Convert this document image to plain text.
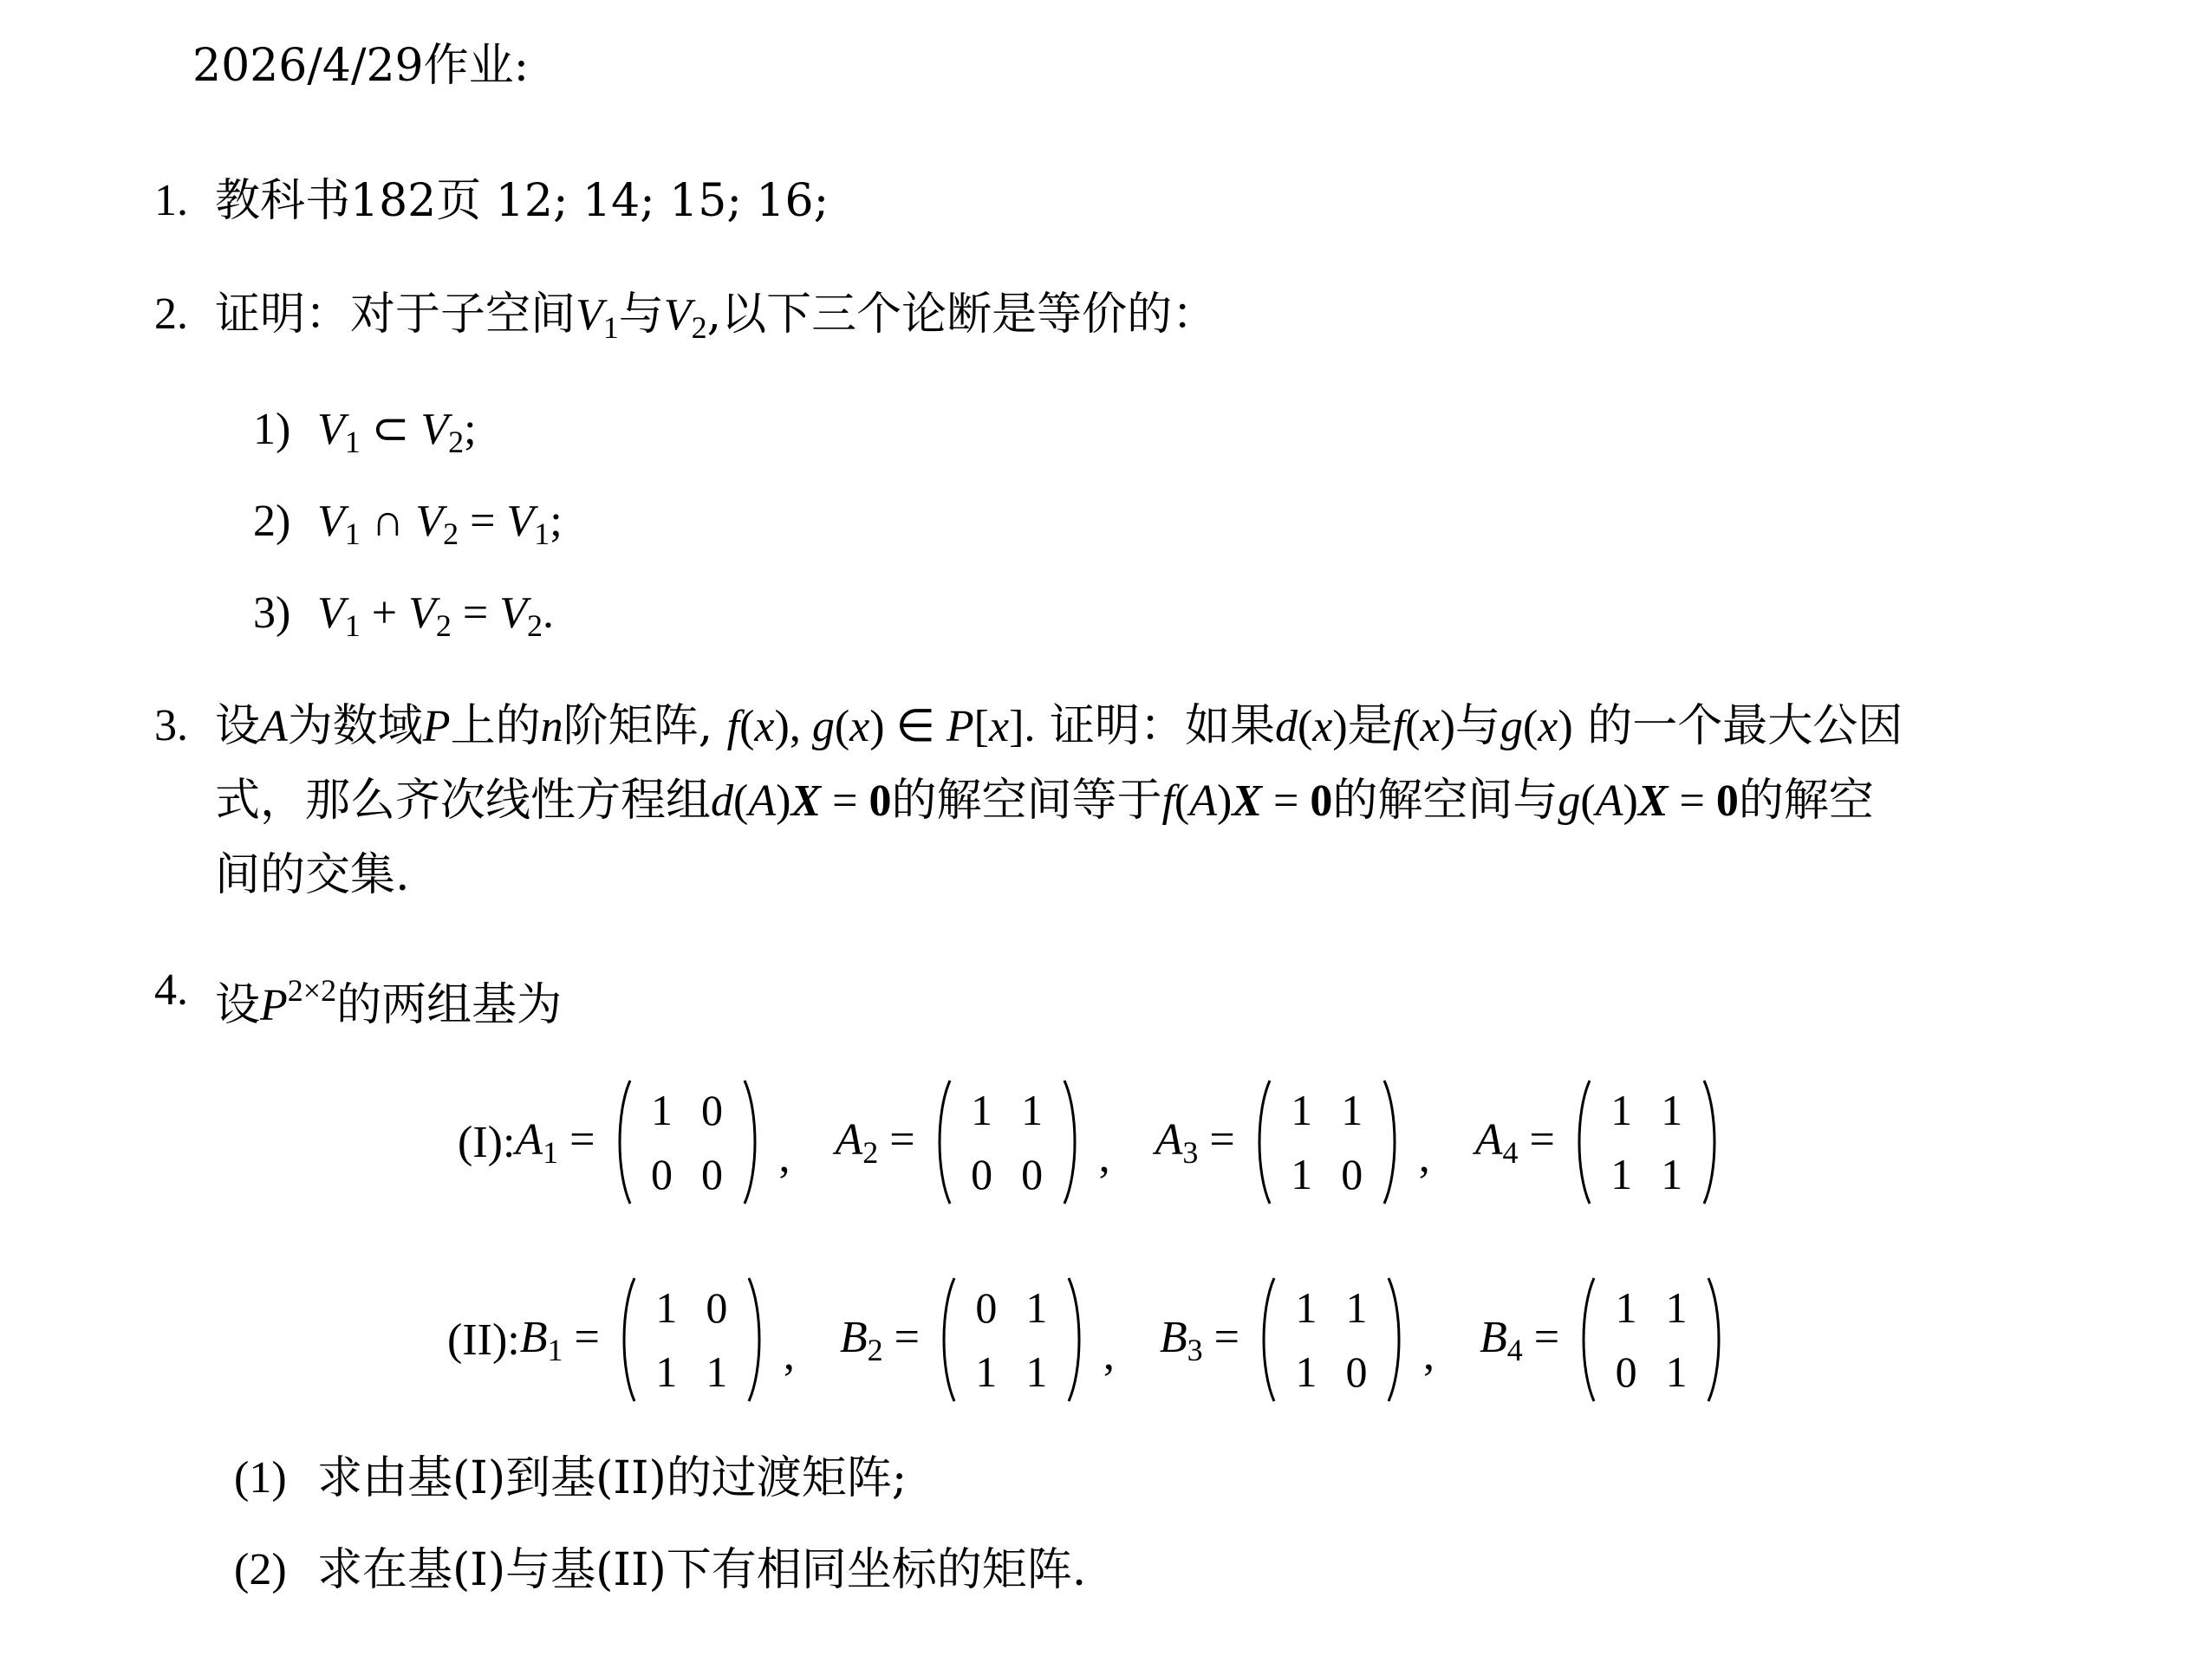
2026/4/29作业:
1. 教科书182页 12; 14; 15; 16;
2. 证明：对于子空间$V_1$与$V_2$,以下三个论断是等价的：
1) $V_1$ ⊂ $V_2$;
2) $V_1$ ∩ $V_2 = V_1$;
3) $V_1 + V_2 = V_2$.
3. 设A为数域P上的n阶矩阵, f(x), g(x) ∈ P[x]. 证明：如果d(x)是f(x)与g(x) 的一个最大公因
式，那么齐次线性方程组d(A)X = 0的解空间等于f(A)X = 0的解空间与g(A)X = 0的解空
间的交集.
4. 设$P^{2\times 2}$的两组基为
(I): $A_1$ =
1 0
0 0 , $A_2$ =
1 1
0 0 , $A_3$ =
1 1
1 0 , $A_4$ =
1 1
1 1
(II): $B_1$ =
1 0
1 1 , $B_2$ =
0 1
1 1 , $B_3$ =
1 1
1 0 , $B_4$ =
1 1
0 1
(1) 求由基(I)到基(II)的过渡矩阵;
(2) 求在基(I)与基(II)下有相同坐标的矩阵.
